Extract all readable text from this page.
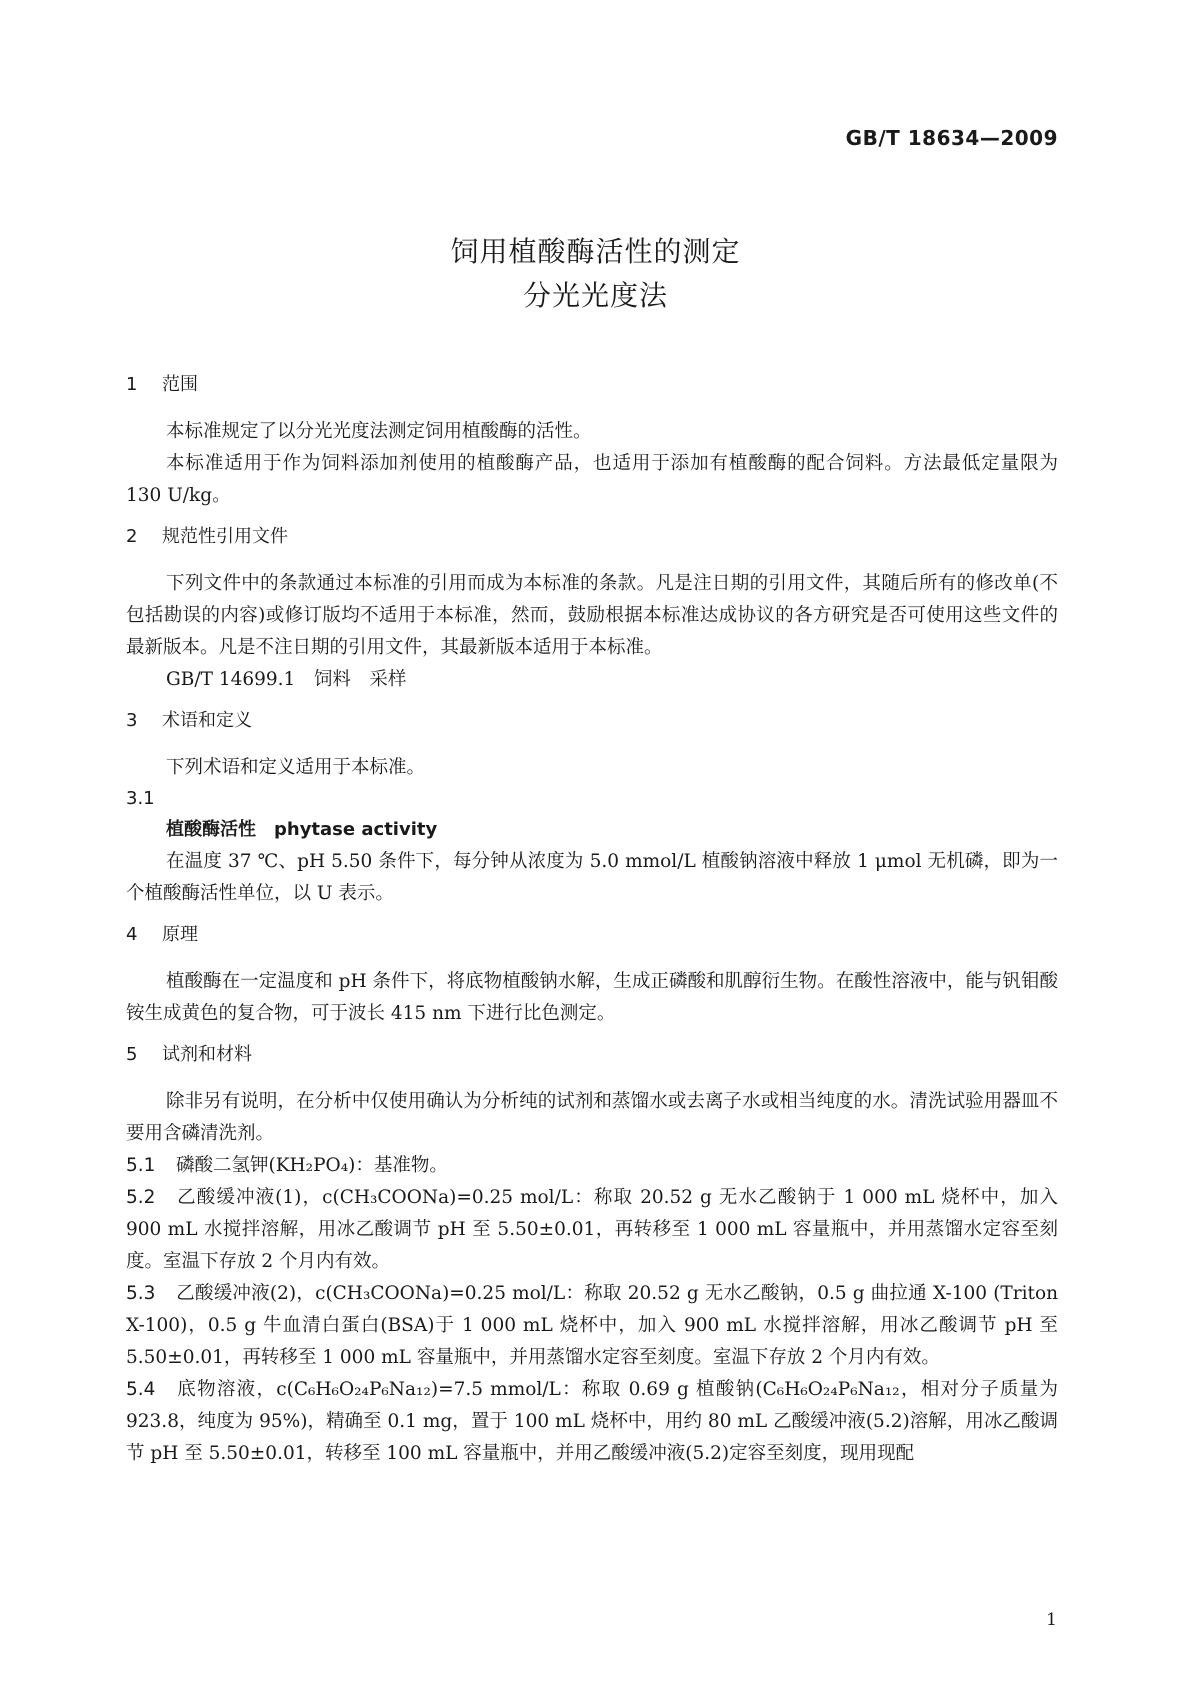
GB/T 18634—2009
饲用植酸酶活性的测定
分光光度法
1 范围

本标准规定了以分光光度法测定饲用植酸酶的活性。

本标准适用于作为饲料添加剂使用的植酸酶产品，也适用于添加有植酸酶的配合饲料。方法最低定量限为 130 U/kg。

2 规范性引用文件

下列文件中的条款通过本标准的引用而成为本标准的条款。凡是注日期的引用文件，其随后所有的修改单(不包括勘误的内容)或修订版均不适用于本标准，然而，鼓励根据本标准达成协议的各方研究是否可使用这些文件的最新版本。凡是不注日期的引用文件，其最新版本适用于本标准。

GB/T 14699.1　饲料　采样

3 术语和定义

下列术语和定义适用于本标准。

3.1
植酸酶活性　phytase activity

在温度 37 ℃、pH 5.50 条件下，每分钟从浓度为 5.0 mmol/L 植酸钠溶液中释放 1 μmol 无机磷，即为一个植酸酶活性单位，以 U 表示。

4 原理

植酸酶在一定温度和 pH 条件下，将底物植酸钠水解，生成正磷酸和肌醇衍生物。在酸性溶液中，能与钒钼酸铵生成黄色的复合物，可于波长 415 nm 下进行比色测定。

5 试剂和材料

除非另有说明，在分析中仅使用确认为分析纯的试剂和蒸馏水或去离子水或相当纯度的水。清洗试验用器皿不要用含磷清洗剂。

5.1 磷酸二氢钾(KH₂PO₄)：基准物。

5.2 乙酸缓冲液(1)，c(CH₃COONa)=0.25 mol/L：称取 20.52 g 无水乙酸钠于 1 000 mL 烧杯中，加入 900 mL 水搅拌溶解，用冰乙酸调节 pH 至 5.50±0.01，再转移至 1 000 mL 容量瓶中，并用蒸馏水定容至刻度。室温下存放 2 个月内有效。

5.3 乙酸缓冲液(2)，c(CH₃COONa)=0.25 mol/L：称取 20.52 g 无水乙酸钠，0.5 g 曲拉通 X-100 (Triton X-100)，0.5 g 牛血清白蛋白(BSA)于 1 000 mL 烧杯中，加入 900 mL 水搅拌溶解，用冰乙酸调节 pH 至 5.50±0.01，再转移至 1 000 mL 容量瓶中，并用蒸馏水定容至刻度。室温下存放 2 个月内有效。

5.4 底物溶液，c(C₆H₆O₂₄P₆Na₁₂)=7.5 mmol/L：称取 0.69 g 植酸钠(C₆H₆O₂₄P₆Na₁₂，相对分子质量为 923.8，纯度为 95%)，精确至 0.1 mg，置于 100 mL 烧杯中，用约 80 mL 乙酸缓冲液(5.2)溶解，用冰乙酸调节 pH 至 5.50±0.01，转移至 100 mL 容量瓶中，并用乙酸缓冲液(5.2)定容至刻度，现用现配

1
